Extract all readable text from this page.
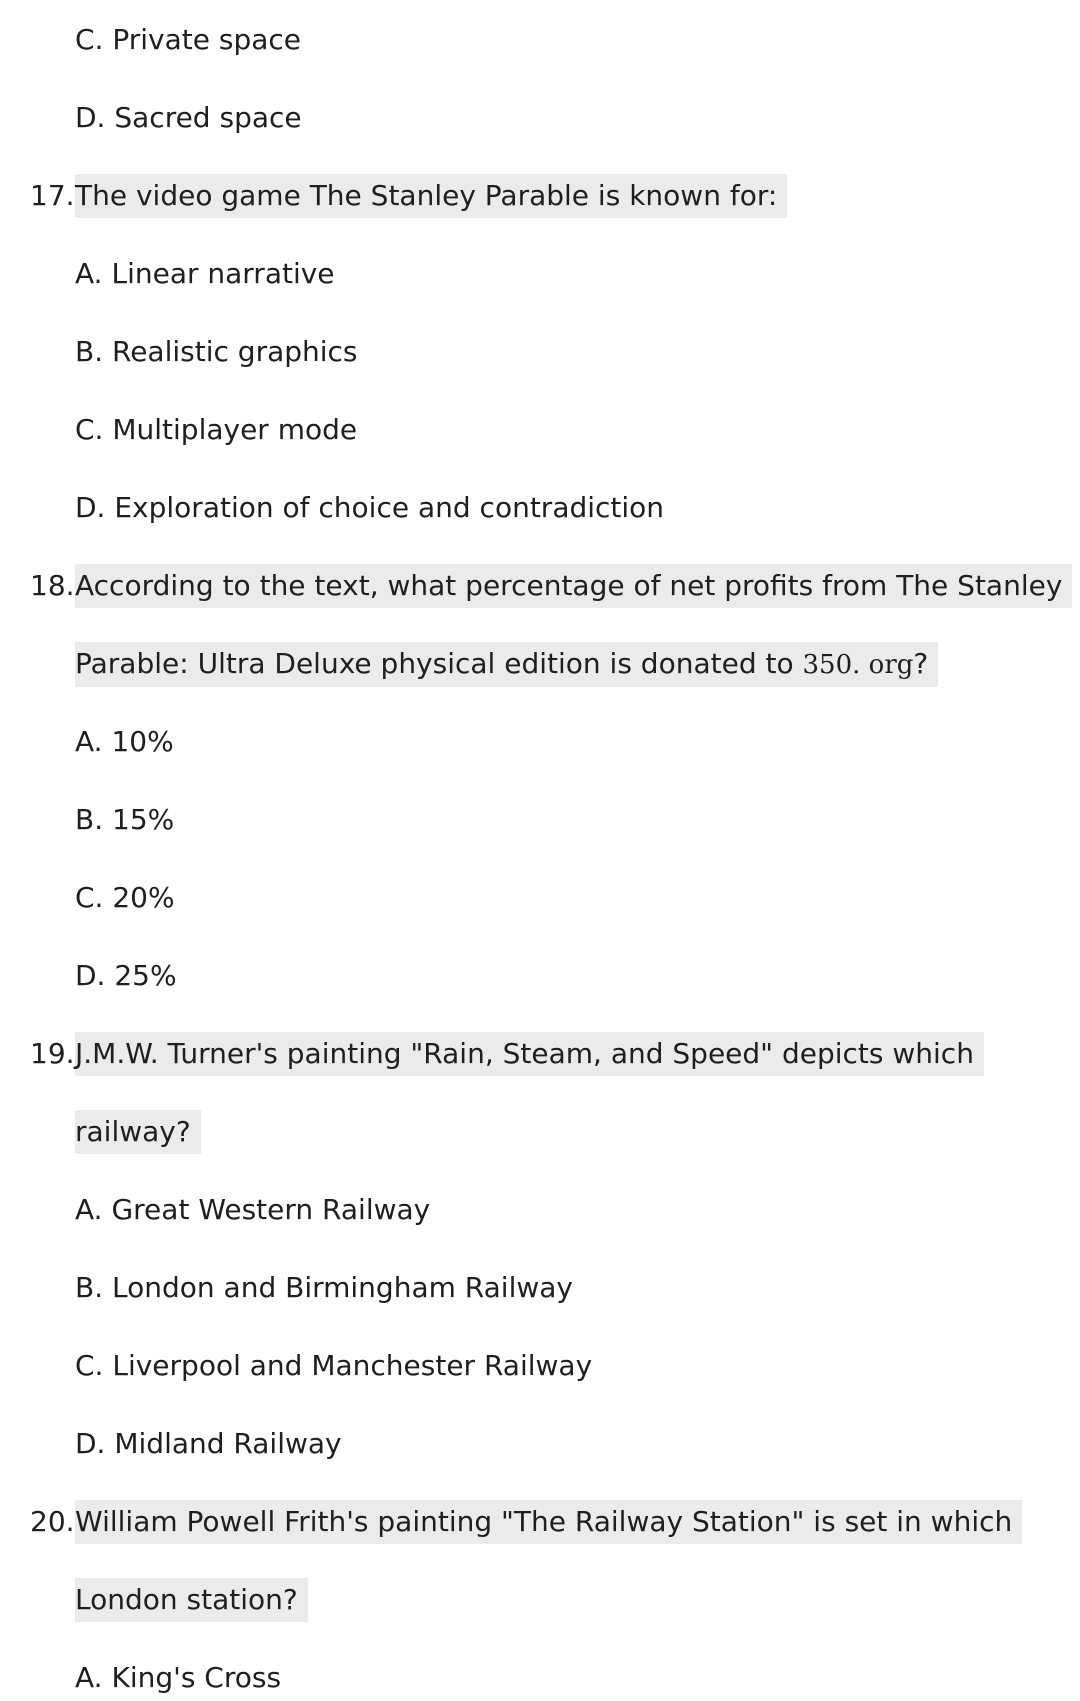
C. Private space
D. Sacred space
17. The video game The Stanley Parable is known for:
A. Linear narrative
B. Realistic graphics
C. Multiplayer mode
D. Exploration of choice and contradiction
18. According to the text, what percentage of net profits from The Stanley
Parable: Ultra Deluxe physical edition is donated to 350. org?
A. 10%
B. 15%
C. 20%
D. 25%
19. J.M.W. Turner's painting "Rain, Steam, and Speed" depicts which
railway?
A. Great Western Railway
B. London and Birmingham Railway
C. Liverpool and Manchester Railway
D. Midland Railway
20. William Powell Frith's painting "The Railway Station" is set in which
London station?
A. King's Cross
